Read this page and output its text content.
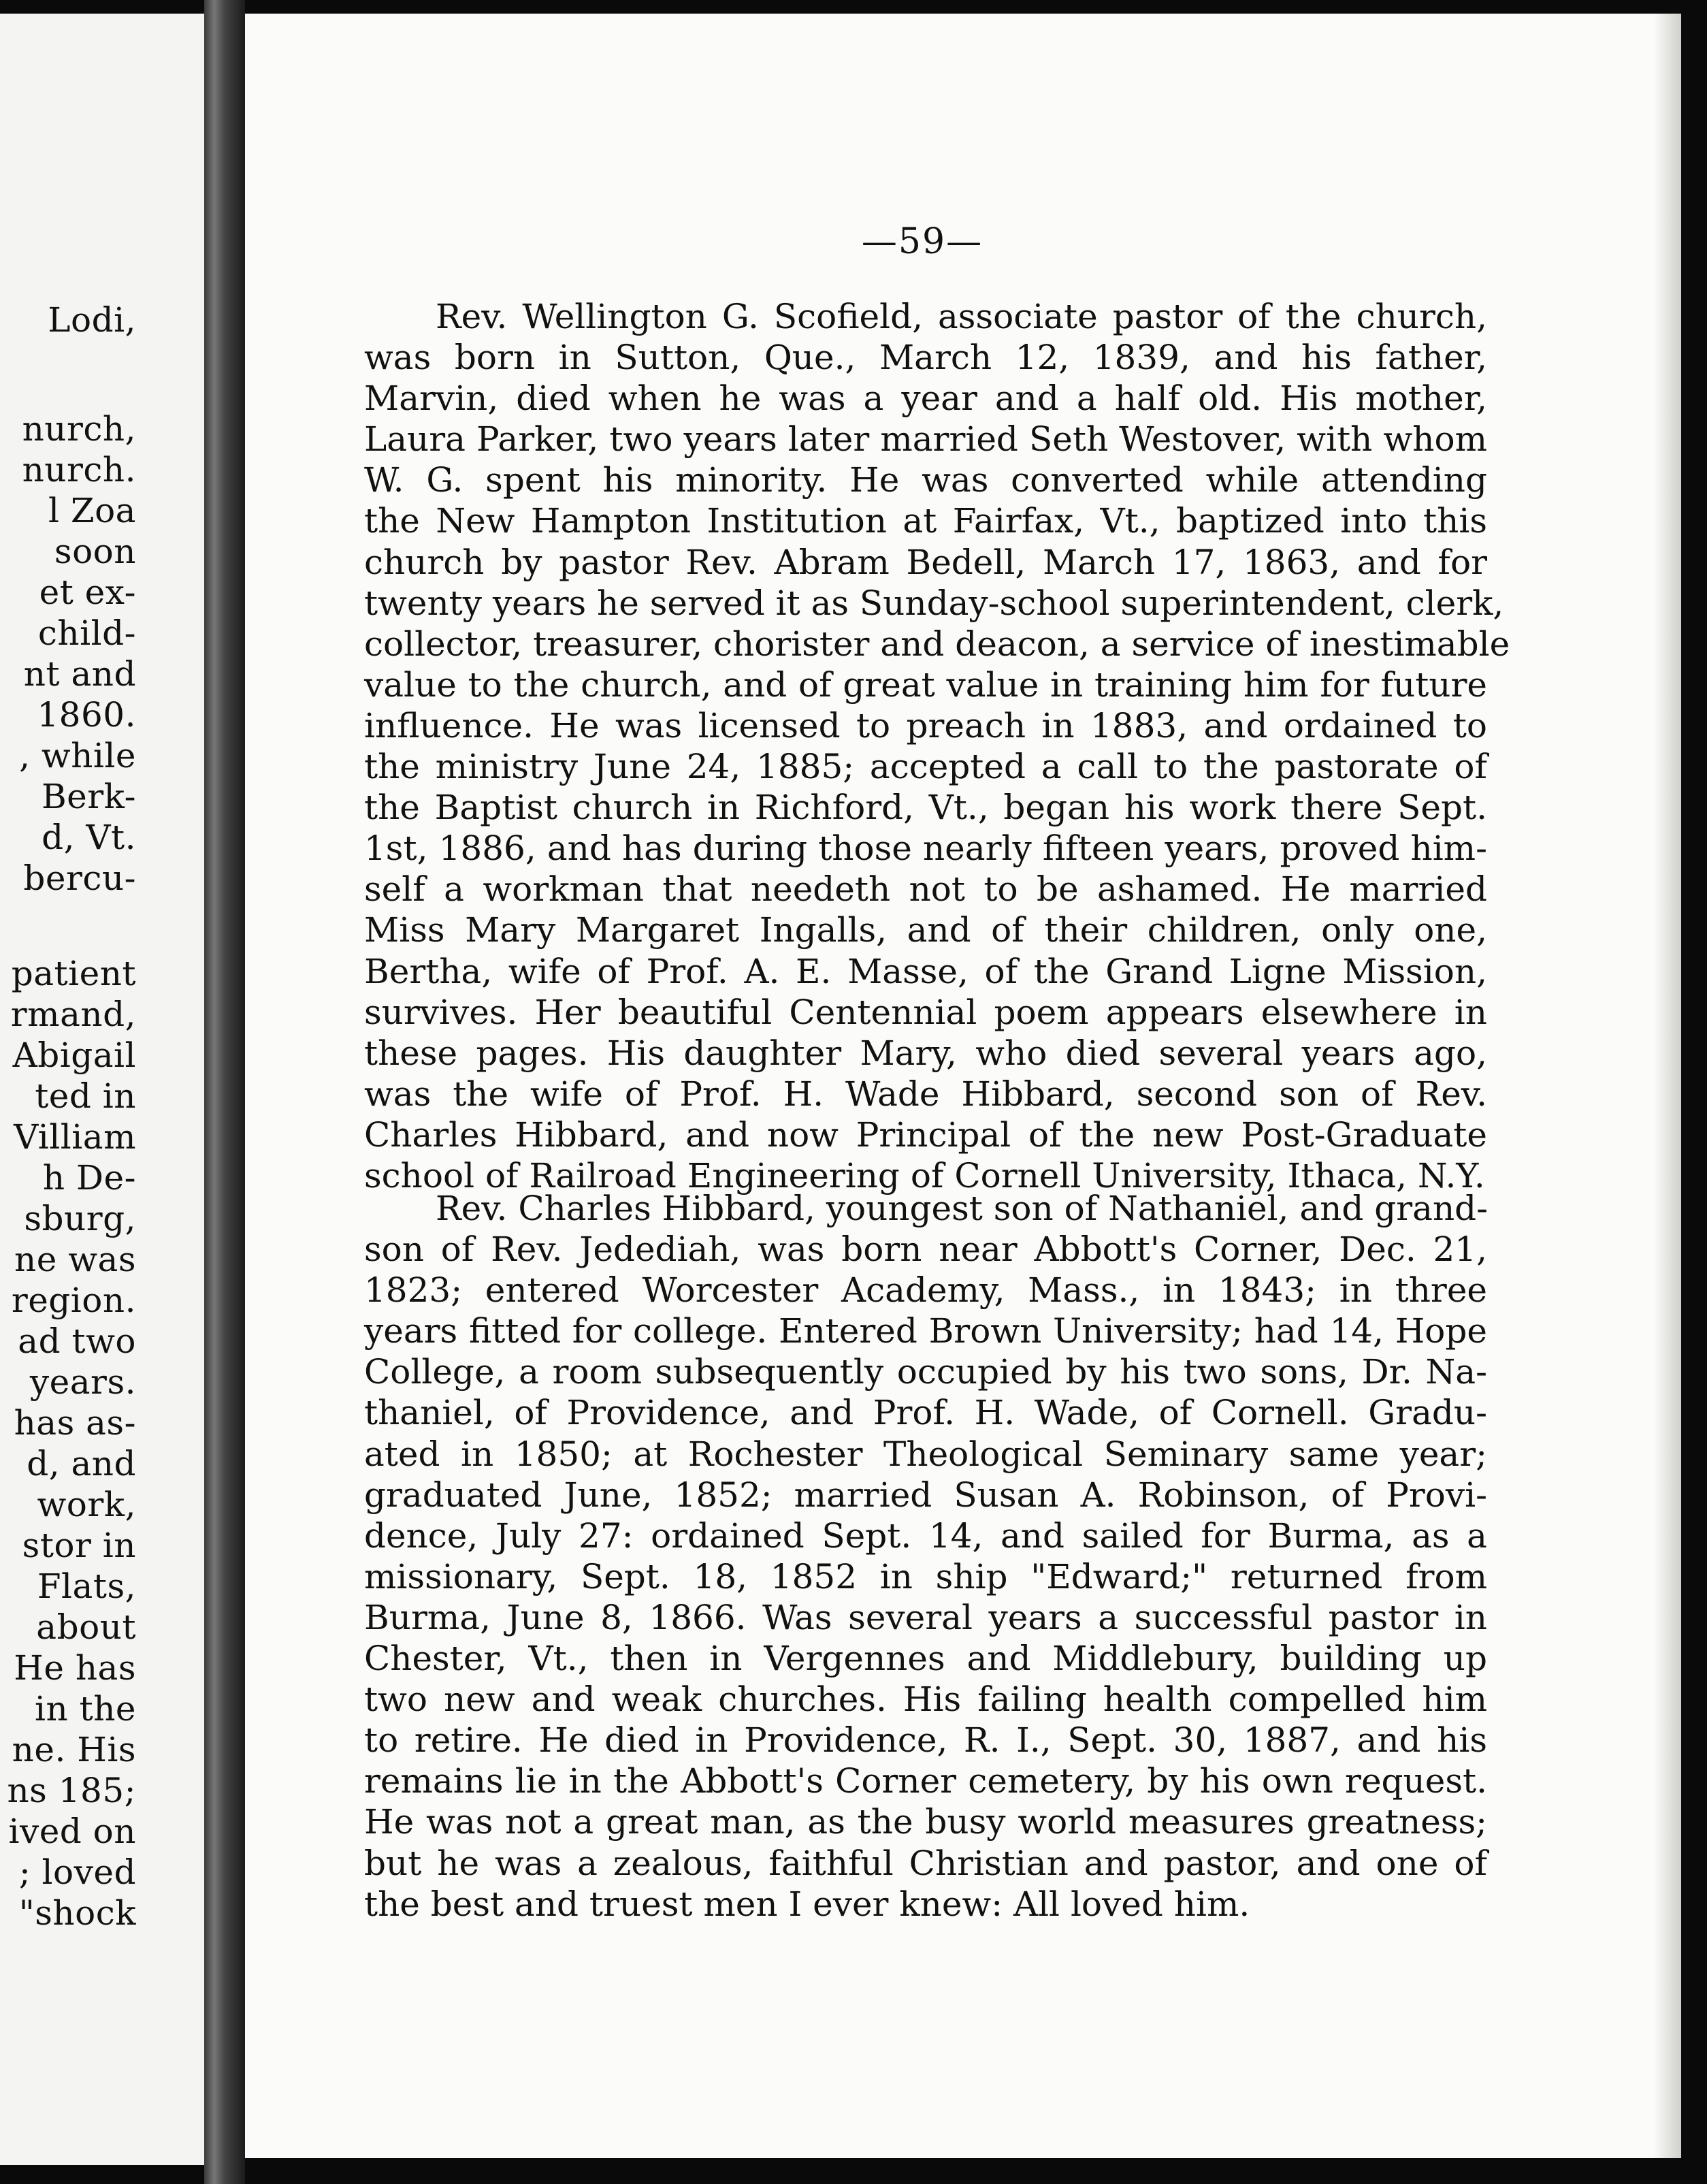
Lodi,
nurch,
nurch.
l Zoa
soon
et ex-
child-
nt and
1860.
, while
Berk-
d, Vt.
bercu-
patient
rmand,
Abigail
ted in
Villiam
h De-
sburg,
ne was
region.
ad two
years.
has as-
d, and
work,
stor in
Flats,
about
He has
in the
ne. His
ns 185;
ived on
; loved
"shock
—59—
Rev. Wellington G. Scofield, associate pastor of the church,
was born in Sutton, Que., March 12, 1839, and his father,
Marvin, died when he was a year and a half old. His mother,
Laura Parker, two years later married Seth Westover, with whom
W. G. spent his minority. He was converted while attending
the New Hampton Institution at Fairfax, Vt., baptized into this
church by pastor Rev. Abram Bedell, March 17, 1863, and for
twenty years he served it as Sunday-school superintendent, clerk,
collector, treasurer, chorister and deacon, a service of inestimable
value to the church, and of great value in training him for future
influence. He was licensed to preach in 1883, and ordained to
the ministry June 24, 1885; accepted a call to the pastorate of
the Baptist church in Richford, Vt., began his work there Sept.
1st, 1886, and has during those nearly fifteen years, proved him-
self a workman that needeth not to be ashamed. He married
Miss Mary Margaret Ingalls, and of their children, only one,
Bertha, wife of Prof. A. E. Masse, of the Grand Ligne Mission,
survives. Her beautiful Centennial poem appears elsewhere in
these pages. His daughter Mary, who died several years ago,
was the wife of Prof. H. Wade Hibbard, second son of Rev.
Charles Hibbard, and now Principal of the new Post-Graduate
school of Railroad Engineering of Cornell University, Ithaca, N.Y.
Rev. Charles Hibbard, youngest son of Nathaniel, and grand-
son of Rev. Jedediah, was born near Abbott's Corner, Dec. 21,
1823; entered Worcester Academy, Mass., in 1843; in three
years fitted for college. Entered Brown University; had 14, Hope
College, a room subsequently occupied by his two sons, Dr. Na-
thaniel, of Providence, and Prof. H. Wade, of Cornell. Gradu-
ated in 1850; at Rochester Theological Seminary same year;
graduated June, 1852; married Susan A. Robinson, of Provi-
dence, July 27: ordained Sept. 14, and sailed for Burma, as a
missionary, Sept. 18, 1852 in ship "Edward;" returned from
Burma, June 8, 1866. Was several years a successful pastor in
Chester, Vt., then in Vergennes and Middlebury, building up
two new and weak churches. His failing health compelled him
to retire. He died in Providence, R. I., Sept. 30, 1887, and his
remains lie in the Abbott's Corner cemetery, by his own request.
He was not a great man, as the busy world measures greatness;
but he was a zealous, faithful Christian and pastor, and one of
the best and truest men I ever knew: All loved him.
